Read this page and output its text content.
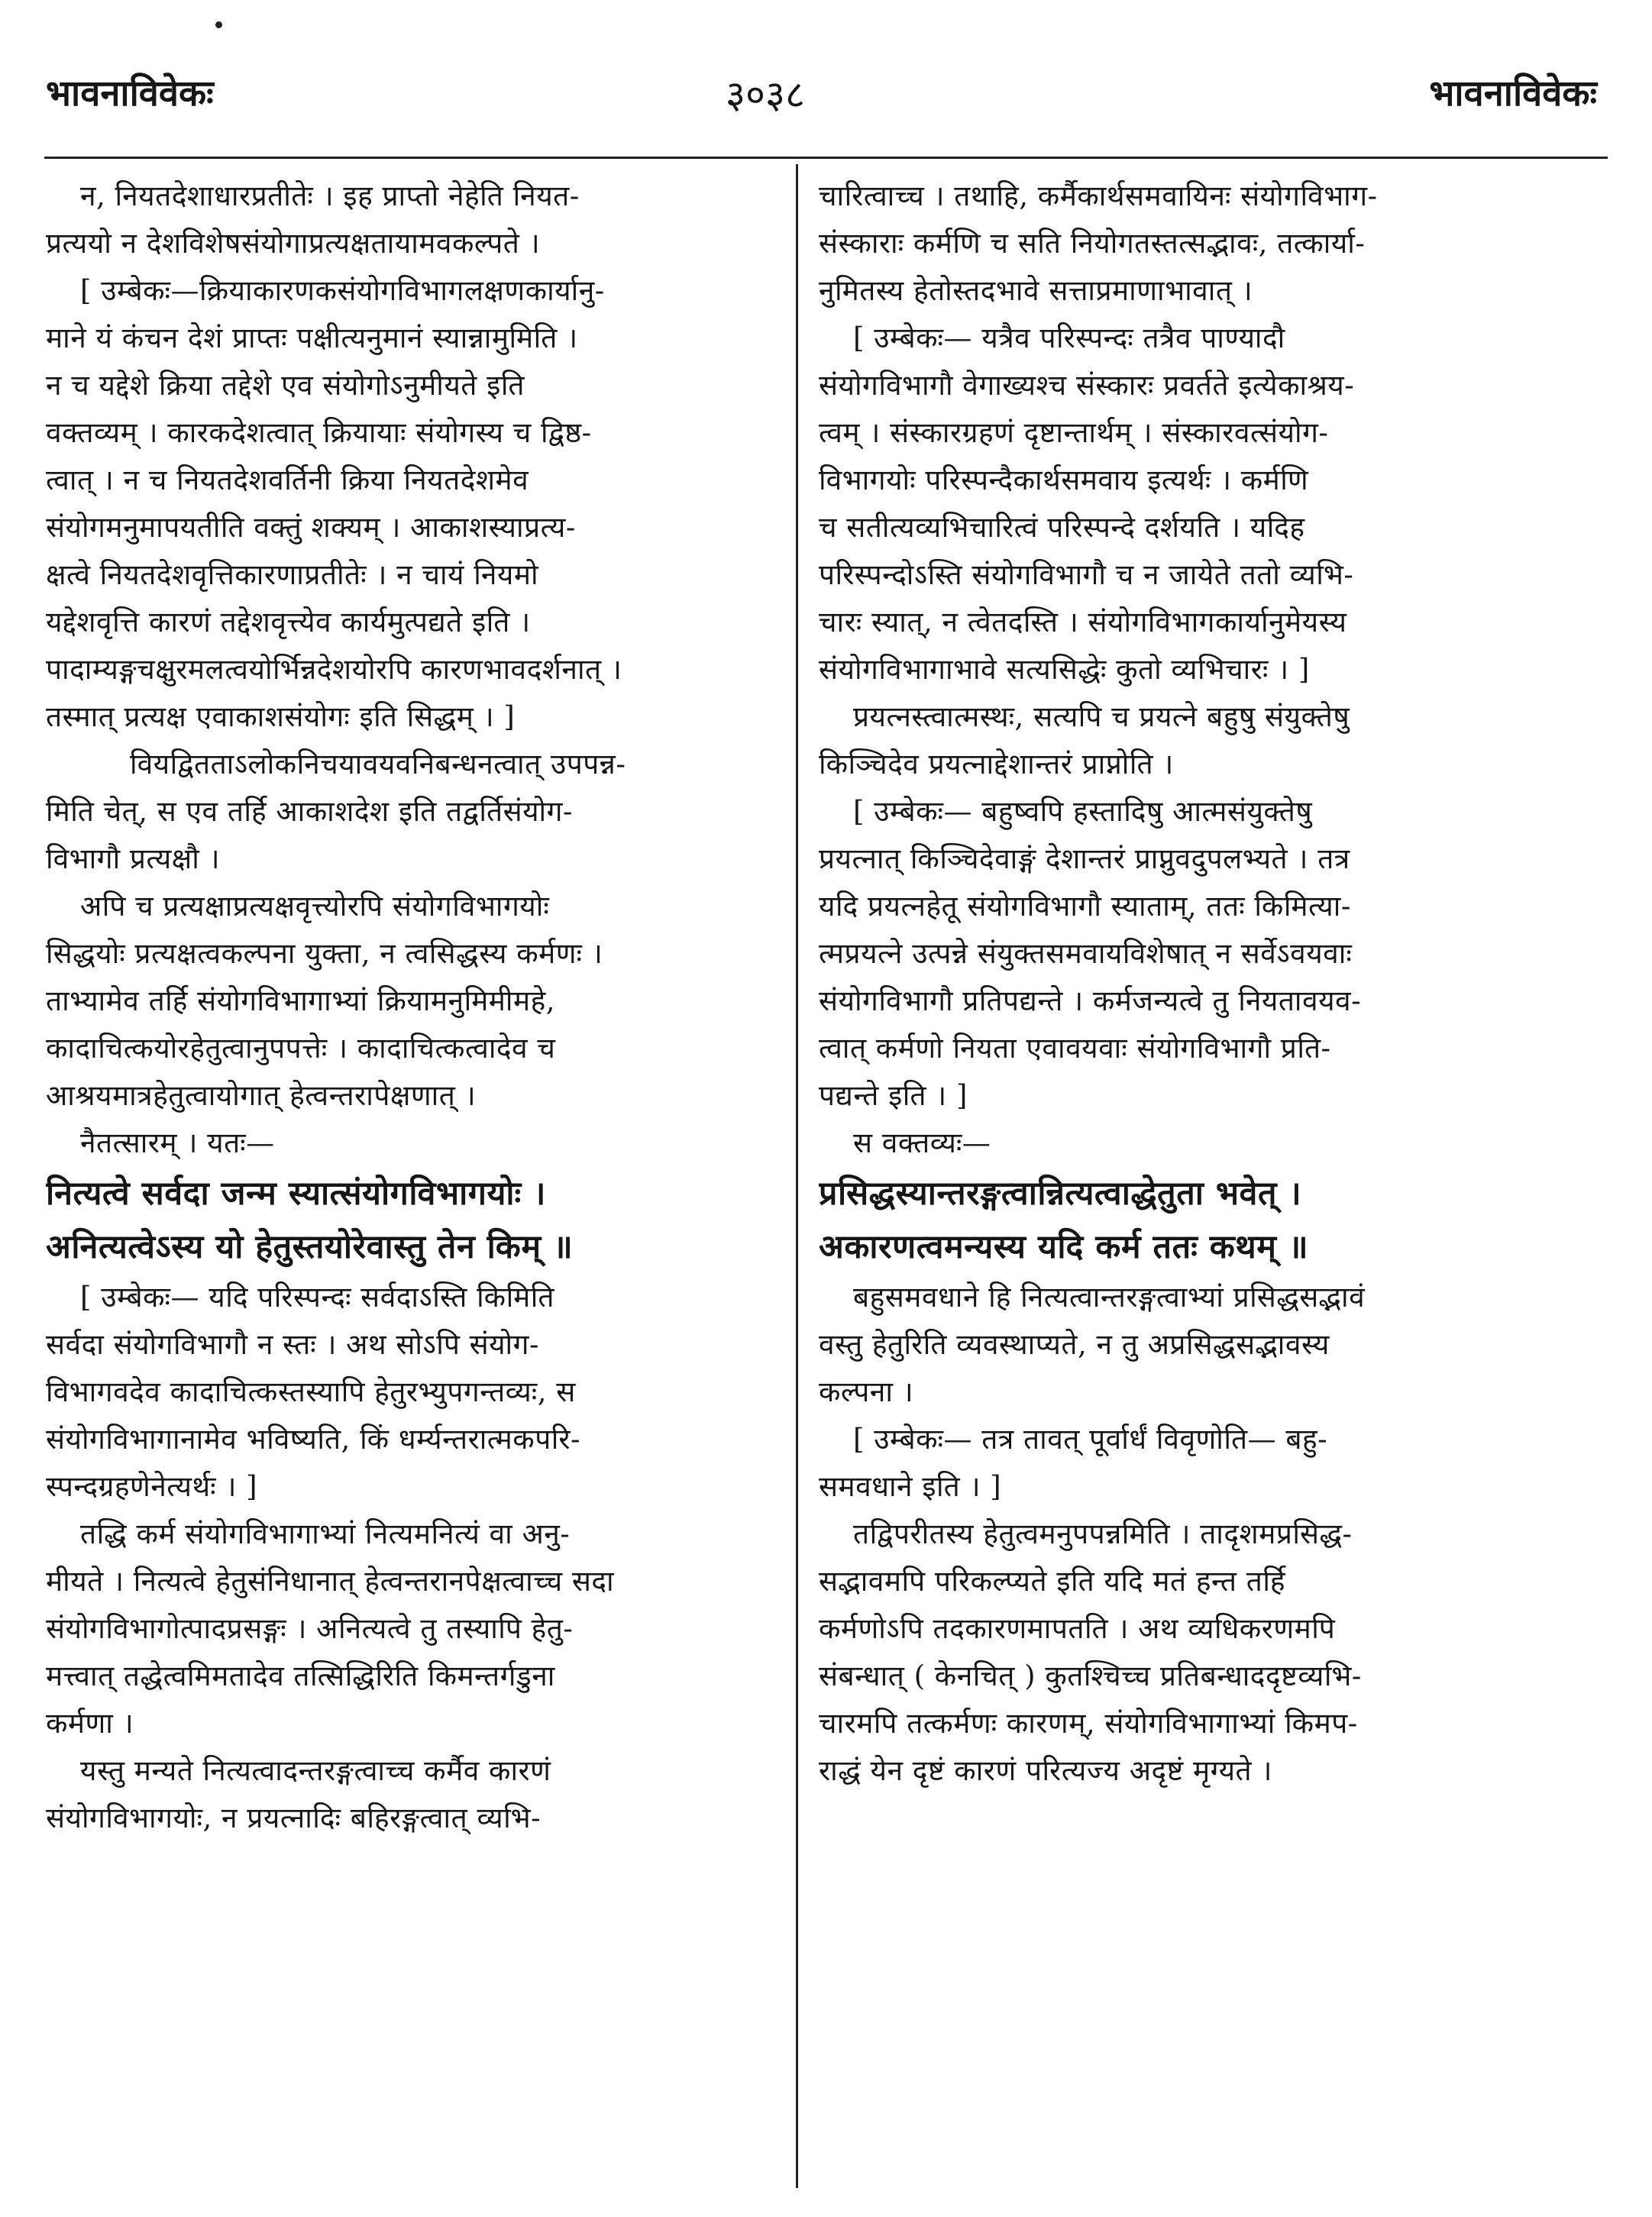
भावनाविवेकः	३०३८	भावनाविवेकः
न, नियतदेशाधारप्रतीतेः । इह प्राप्तो नेहेति नियत-
प्रत्ययो न देशविशेषसंयोगाप्रत्यक्षतायामवकल्पते ।
[ उम्बेकः—क्रियाकारणकसंयोगविभागलक्षणकार्यानु-
माने यं कंचन देशं प्राप्तः पक्षीत्यनुमानं स्यान्नामुमिति ।
न च यद्देशे क्रिया तद्देशे एव संयोगोऽनुमीयते इति
वक्तव्यम् । कारकदेशत्वात् क्रियायाः संयोगस्य च द्विष्ठ-
त्वात् । न च नियतदेशवर्तिनी क्रिया नियतदेशमेव
संयोगमनुमापयतीति वक्तुं शक्यम् । आकाशस्याप्रत्य-
क्षत्वे नियतदेशवृत्तिकारणाप्रतीतेः । न चायं नियमो
यद्देशवृत्ति कारणं तद्देशवृत्त्येव कार्यमुत्पद्यते इति ।
पादाम्यङ्गचक्षुरमलत्वयोर्भिन्नदेशयोरपि कारणभावदर्शनात् ।
तस्मात् प्रत्यक्ष एवाकाशसंयोगः इति सिद्धम् । ]
वियद्वितताऽलोकनिचयावयवनिबन्धनत्वात् उपपन्न-
मिति चेत्, स एव तर्हि आकाशदेश इति तद्वर्तिसंयोग-
विभागौ प्रत्यक्षौ ।
अपि च प्रत्यक्षाप्रत्यक्षवृत्त्योरपि संयोगविभागयोः
सिद्धयोः प्रत्यक्षत्वकल्पना युक्ता, न त्वसिद्धस्य कर्मणः ।
ताभ्यामेव तर्हि संयोगविभागाभ्यां क्रियामनुमिमीमहे,
कादाचित्कयोरहेतुत्वानुपपत्तेः । कादाचित्कत्वादेव च
आश्रयमात्रहेतुत्वायोगात् हेत्वन्तरापेक्षणात् ।
नैतत्सारम् । यतः—
नित्यत्वे सर्वदा जन्म स्यात्संयोगविभागयोः ।
अनित्यत्वेऽस्य यो हेतुस्तयोरेवास्तु तेन किम् ॥
[ उम्बेकः— यदि परिस्पन्दः सर्वदाऽस्ति किमिति
सर्वदा संयोगविभागौ न स्तः । अथ सोऽपि संयोग-
विभागवदेव कादाचित्कस्तस्यापि हेतुरभ्युपगन्तव्यः, स
संयोगविभागानामेव भविष्यति, किं धर्म्यन्तरात्मकपरि-
स्पन्दग्रहणेनेत्यर्थः । ]
तद्धि कर्म संयोगविभागाभ्यां नित्यमनित्यं वा अनु-
मीयते । नित्यत्वे हेतुसंनिधानात् हेत्वन्तरानपेक्षत्वाच्च सदा
संयोगविभागोत्पादप्रसङ्गः । अनित्यत्वे तु तस्यापि हेतु-
मत्त्वात् तद्धेत्वमिमतादेव तत्सिद्धिरिति किमन्तर्गडुना
कर्मणा ।
यस्तु मन्यते नित्यत्वादन्तरङ्गत्वाच्च कर्मैव कारणं
संयोगविभागयोः, न प्रयत्नादिः बहिरङ्गत्वात् व्यभि-
चारित्वाच्च । तथाहि, कर्मैकार्थसमवायिनः संयोगविभाग-
संस्काराः कर्मणि च सति नियोगतस्तत्सद्भावः, तत्कार्या-
नुमितस्य हेतोस्तदभावे सत्ताप्रमाणाभावात् ।
[ उम्बेकः— यत्रैव परिस्पन्दः तत्रैव पाण्यादौ
संयोगविभागौ वेगाख्यश्च संस्कारः प्रवर्तते इत्येकाश्रय-
त्वम् । संस्कारग्रहणं दृष्टान्तार्थम् । संस्कारवत्संयोग-
विभागयोः परिस्पन्दैकार्थसमवाय इत्यर्थः । कर्मणि
च सतीत्यव्यभिचारित्वं परिस्पन्दे दर्शयति । यदिह
परिस्पन्दोऽस्ति संयोगविभागौ च न जायेते ततो व्यभि-
चारः स्यात्, न त्वेतदस्ति । संयोगविभागकार्यानुमेयस्य
संयोगविभागाभावे सत्यसिद्धेः कुतो व्यभिचारः । ]
प्रयत्नस्त्वात्मस्थः, सत्यपि च प्रयत्ने बहुषु संयुक्तेषु
किञ्चिदेव प्रयत्नाद्देशान्तरं प्राप्नोति ।
[ उम्बेकः— बहुष्वपि हस्तादिषु आत्मसंयुक्तेषु
प्रयत्नात् किञ्चिदेवाङ्गं देशान्तरं प्राप्नुवदुपलभ्यते । तत्र
यदि प्रयत्नहेतू संयोगविभागौ स्याताम्, ततः किमित्या-
त्मप्रयत्ने उत्पन्ने संयुक्तसमवायविशेषात् न सर्वेऽवयवाः
संयोगविभागौ प्रतिपद्यन्ते । कर्मजन्यत्वे तु नियतावयव-
त्वात् कर्मणो नियता एवावयवाः संयोगविभागौ प्रति-
पद्यन्ते इति । ]
स वक्तव्यः—
प्रसिद्धस्यान्तरङ्गत्वान्नित्यत्वाद्धेतुता भवेत् ।
अकारणत्वमन्यस्य यदि कर्म ततः कथम् ॥
बहुसमवधाने हि नित्यत्वान्तरङ्गत्वाभ्यां प्रसिद्धसद्भावं
वस्तु हेतुरिति व्यवस्थाप्यते, न तु अप्रसिद्धसद्भावस्य
कल्पना ।
[ उम्बेकः— तत्र तावत् पूर्वार्धं विवृणोति— बहु-
समवधाने इति । ]
तद्विपरीतस्य हेतुत्वमनुपपन्नमिति । तादृशमप्रसिद्ध-
सद्भावमपि परिकल्प्यते इति यदि मतं हन्त तर्हि
कर्मणोऽपि तदकारणमापतति । अथ व्यधिकरणमपि
संबन्धात् ( केनचित् ) कुतश्चिच्च प्रतिबन्धाददृष्टव्यभि-
चारमपि तत्कर्मणः कारणम्, संयोगविभागाभ्यां किमप-
राद्धं येन दृष्टं कारणं परित्यज्य अदृष्टं मृग्यते ।
